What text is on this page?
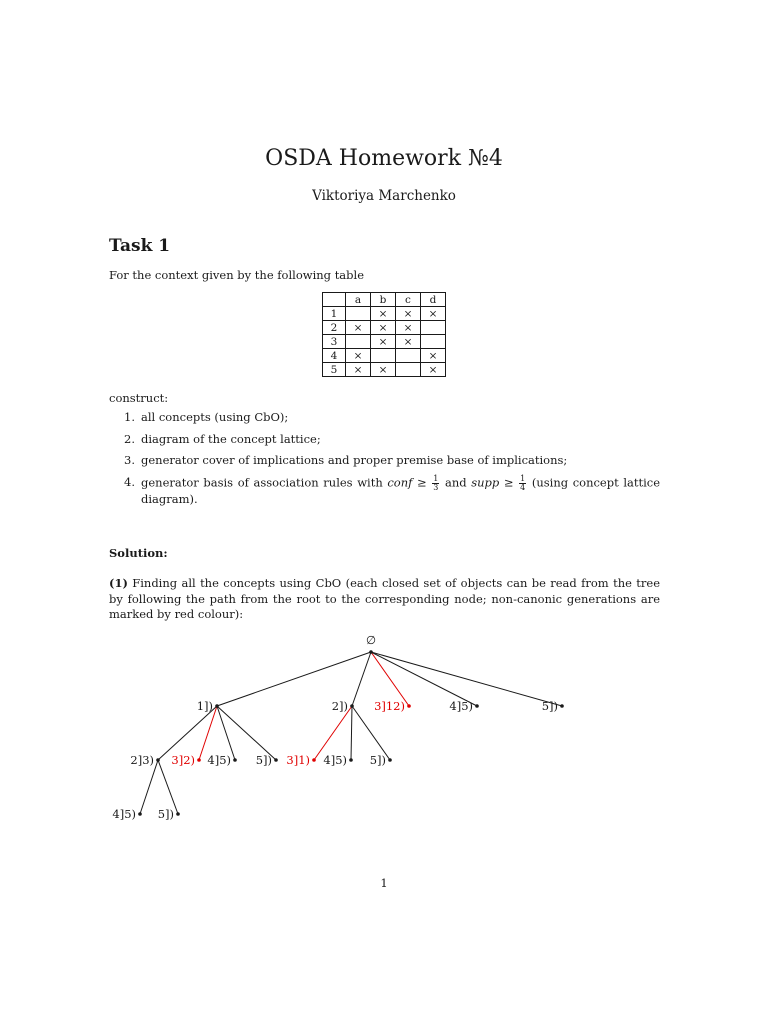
OSDA Homework №4
Viktoriya Marchenko
Task 1
For the context given by the following table
	a	b	c	d
1		×	×	×
2	×	×	×	
3		×	×	
4	×			×
5	×	×		×
construct:
1. all concepts (using CbO);
2. diagram of the concept lattice;
3. generator cover of implications and proper premise base of implications;
4. generator basis of association rules with conf ≥ $\frac{1}{3}$ and supp ≥ $\frac{1}{4} (using$ concept lattice diagram).
Solution:
(1) Finding all the concepts using CbO (each closed set of objects can be read from the tree by following the path from the root to the corresponding node; non-canonic generations are marked by red colour):
∅
1])	2]) 3]12)	4]5)	5])
2]3) 3]2) 4]5) 5]) 3]1) 4]5) 5])
4]5) 5])
1
